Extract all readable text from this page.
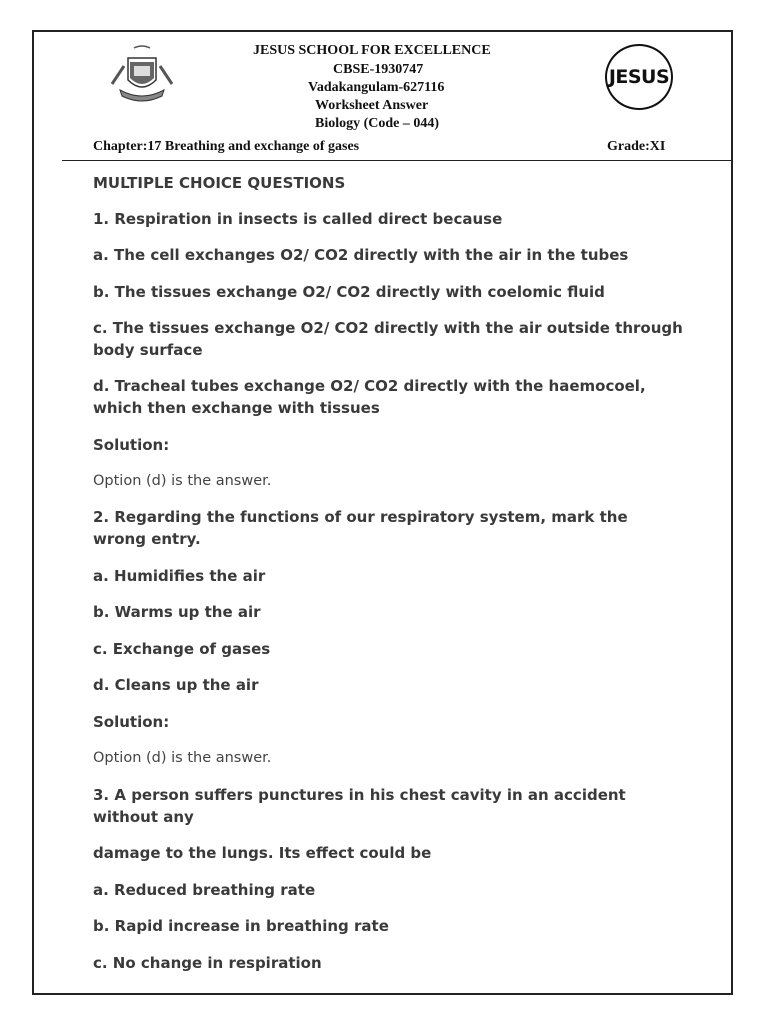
JESUS SCHOOL FOR EXCELLENCE
CBSE-1930747
Vadakangulam-627116
Worksheet Answer
Biology (Code – 044)
Chapter:17 Breathing and exchange of gases	Grade:XI
JESUS

MULTIPLE CHOICE QUESTIONS

1. Respiration in insects is called direct because

a. The cell exchanges O2/ CO2 directly with the air in the tubes

b. The tissues exchange O2/ CO2 directly with coelomic fluid

c. The tissues exchange O2/ CO2 directly with the air outside through body surface

d. Tracheal tubes exchange O2/ CO2 directly with the haemocoel, which then exchange with tissues

Solution:

Option (d) is the answer.

2. Regarding the functions of our respiratory system, mark the wrong entry.

a. Humidifies the air

b. Warms up the air

c. Exchange of gases

d. Cleans up the air

Solution:

Option (d) is the answer.

3. A person suffers punctures in his chest cavity in an accident without any

damage to the lungs. Its effect could be

a. Reduced breathing rate

b. Rapid increase in breathing rate

c. No change in respiration
